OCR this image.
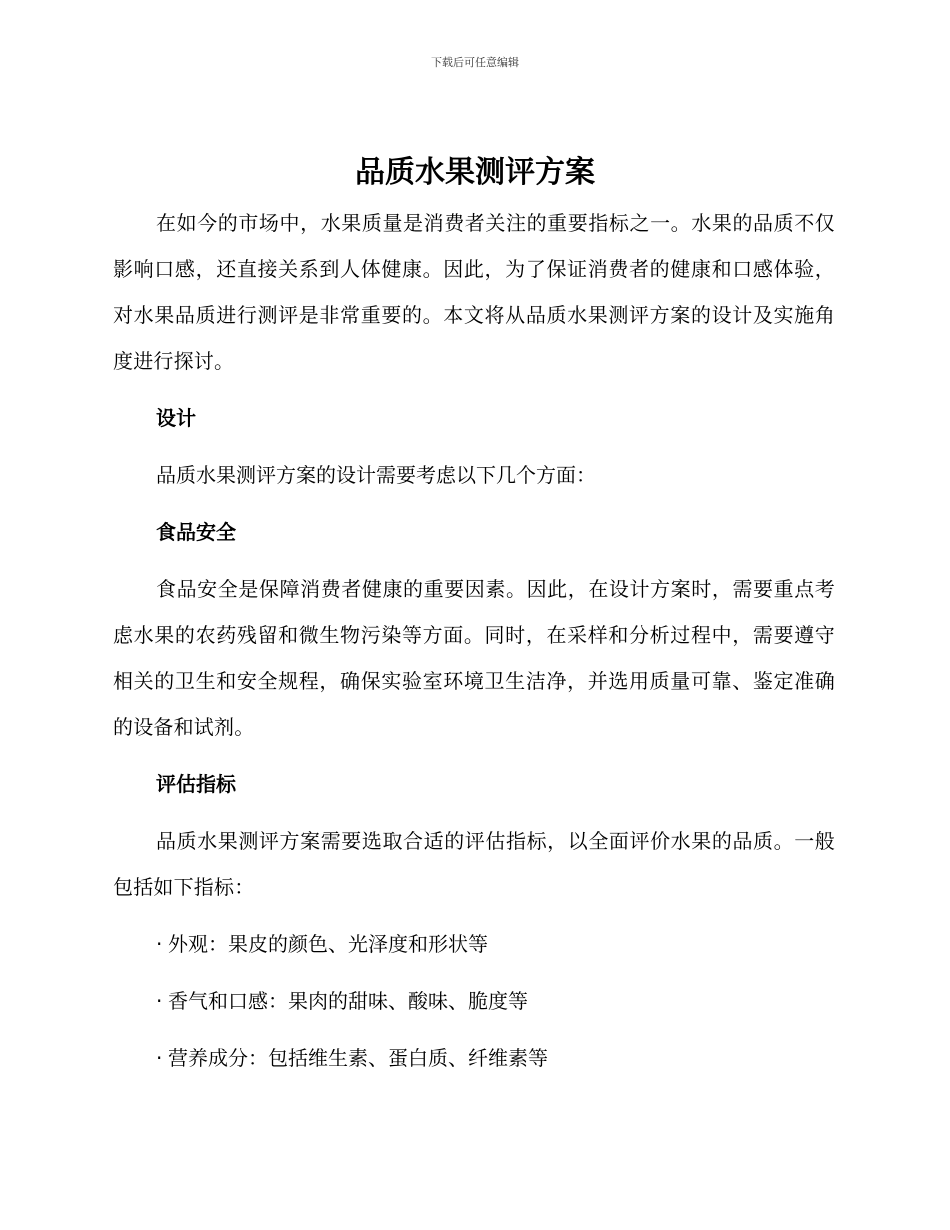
下载后可任意编辑
品质水果测评方案

在如今的市场中，水果质量是消费者关注的重要指标之一。水果的品质不仅影响口感，还直接关系到人体健康。因此，为了保证消费者的健康和口感体验，对水果品质进行测评是非常重要的。本文将从品质水果测评方案的设计及实施角度进行探讨。

设计
品质水果测评方案的设计需要考虑以下几个方面：
食品安全

食品安全是保障消费者健康的重要因素。因此，在设计方案时，需要重点考虑水果的农药残留和微生物污染等方面。同时，在采样和分析过程中，需要遵守相关的卫生和安全规程，确保实验室环境卫生洁净，并选用质量可靠、鉴定准确的设备和试剂。

评估指标

品质水果测评方案需要选取合适的评估指标，以全面评价水果的品质。一般包括如下指标：

· 外观：果皮的颜色、光泽度和形状等
· 香气和口感：果肉的甜味、酸味、脆度等
· 营养成分：包括维生素、蛋白质、纤维素等
